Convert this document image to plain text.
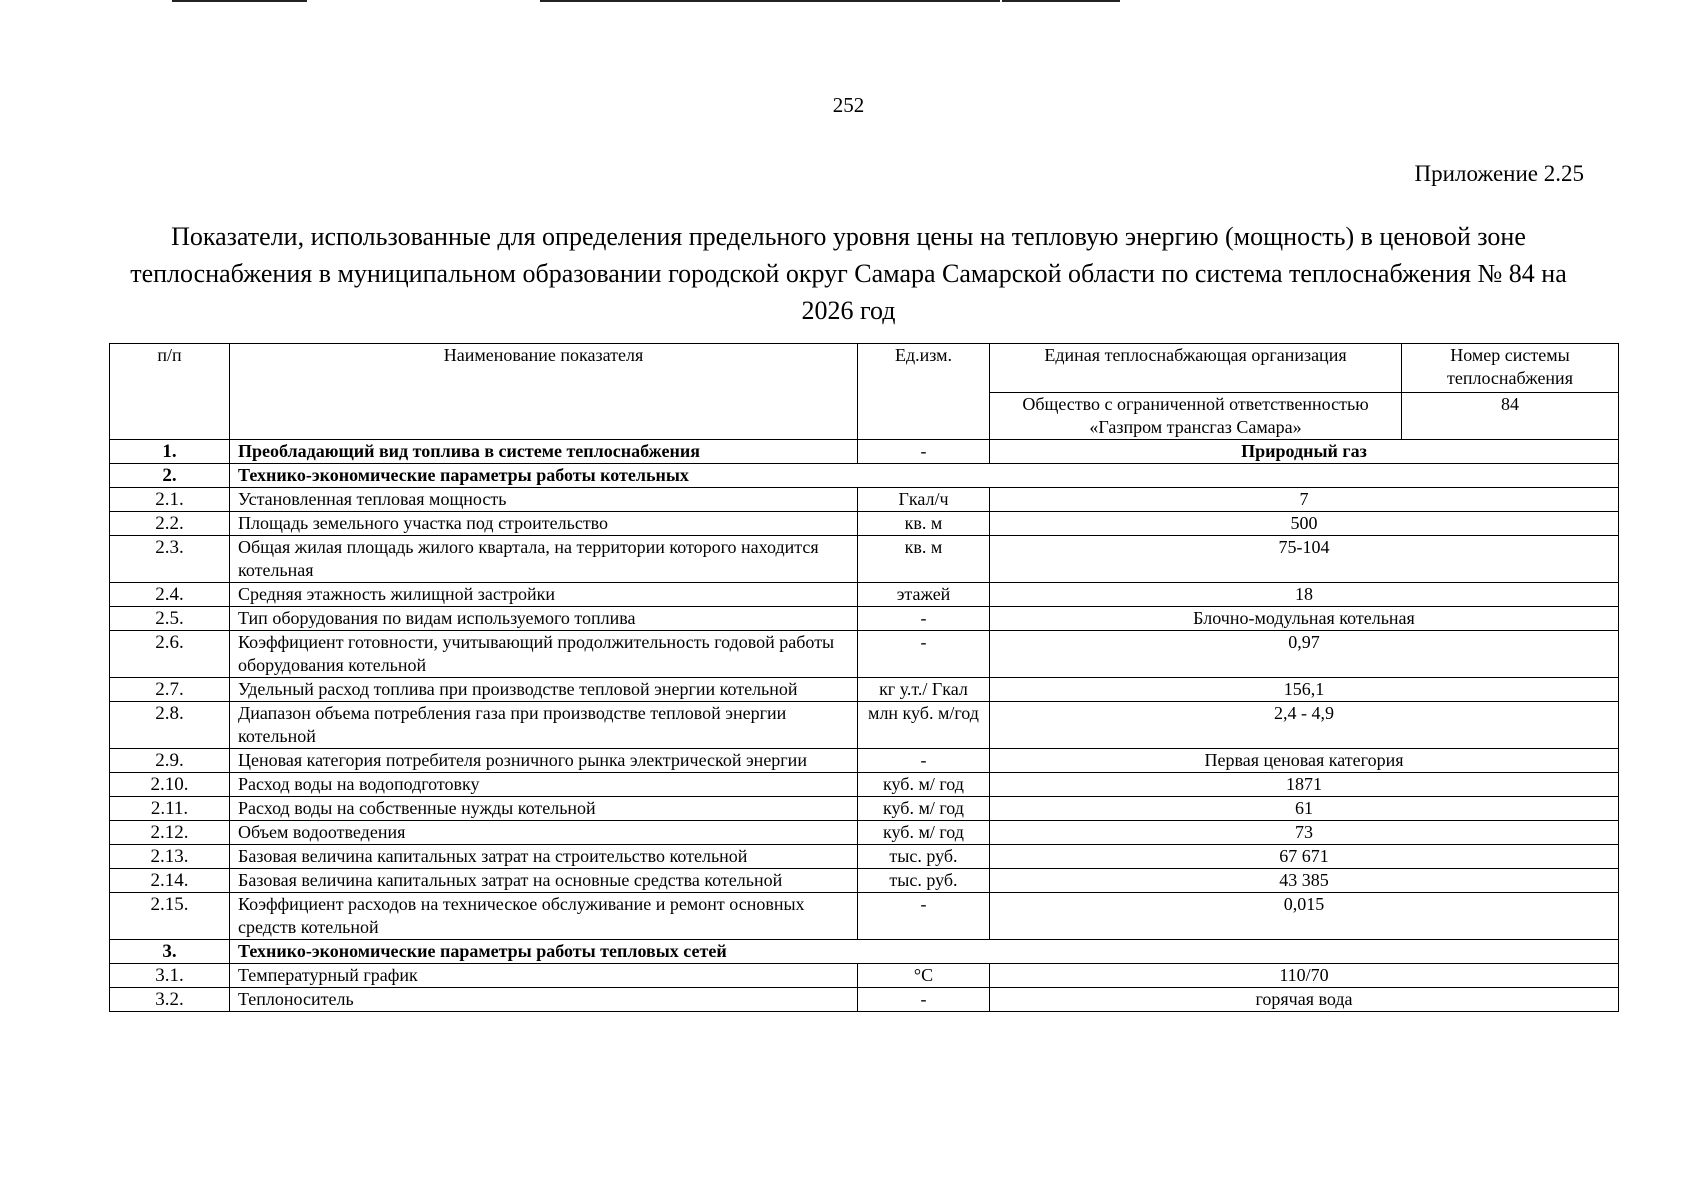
252
Приложение 2.25
Показатели, использованные для определения предельного уровня цены на тепловую энергию (мощность) в ценовой зоне теплоснабжения в муниципальном образовании городской округ Самара Самарской области по система теплоснабжения № 84 на 2026 год
п/п	Наименование показателя	Ед.изм.	Единая теплоснабжающая организация	Номер системы теплоснабжения
			Общество с ограниченной ответственностью «Газпром трансгаз Самара»	84
1.	Преобладающий вид топлива в системе теплоснабжения	-	Природный газ	
2.	Технико-экономические параметры работы котельных			
2.1.	Установленная тепловая мощность	Гкал/ч	7	
2.2.	Площадь земельного участка под строительство	кв. м	500	
2.3.	Общая жилая площадь жилого квартала, на территории которого находится котельная	кв. м	75-104	
2.4.	Средняя этажность жилищной застройки	этажей	18	
2.5.	Тип оборудования по видам используемого топлива	-	Блочно-модульная котельная	
2.6.	Коэффициент готовности, учитывающий продолжительность годовой работы оборудования котельной	-	0,97	
2.7.	Удельный расход топлива при производстве тепловой энергии котельной	кг у.т./ Гкал	156,1	
2.8.	Диапазон объема потребления газа при производстве тепловой энергии котельной	млн куб. м/год	2,4 - 4,9	
2.9.	Ценовая категория потребителя розничного рынка электрической энергии	-	Первая ценовая категория	
2.10.	Расход воды на водоподготовку	куб. м/ год	1871	
2.11.	Расход воды на собственные нужды котельной	куб. м/ год	61	
2.12.	Объем водоотведения	куб. м/ год	73	
2.13.	Базовая величина капитальных затрат на строительство котельной	тыс. руб.	67 671	
2.14.	Базовая величина капитальных затрат на основные средства котельной	тыс. руб.	43 385	
2.15.	Коэффициент расходов на техническое обслуживание и ремонт основных средств котельной	-	0,015	
3.	Технико-экономические параметры работы тепловых сетей			
3.1.	Температурный график	°C	110/70	
3.2.	Теплоноситель	-	горячая вода	
